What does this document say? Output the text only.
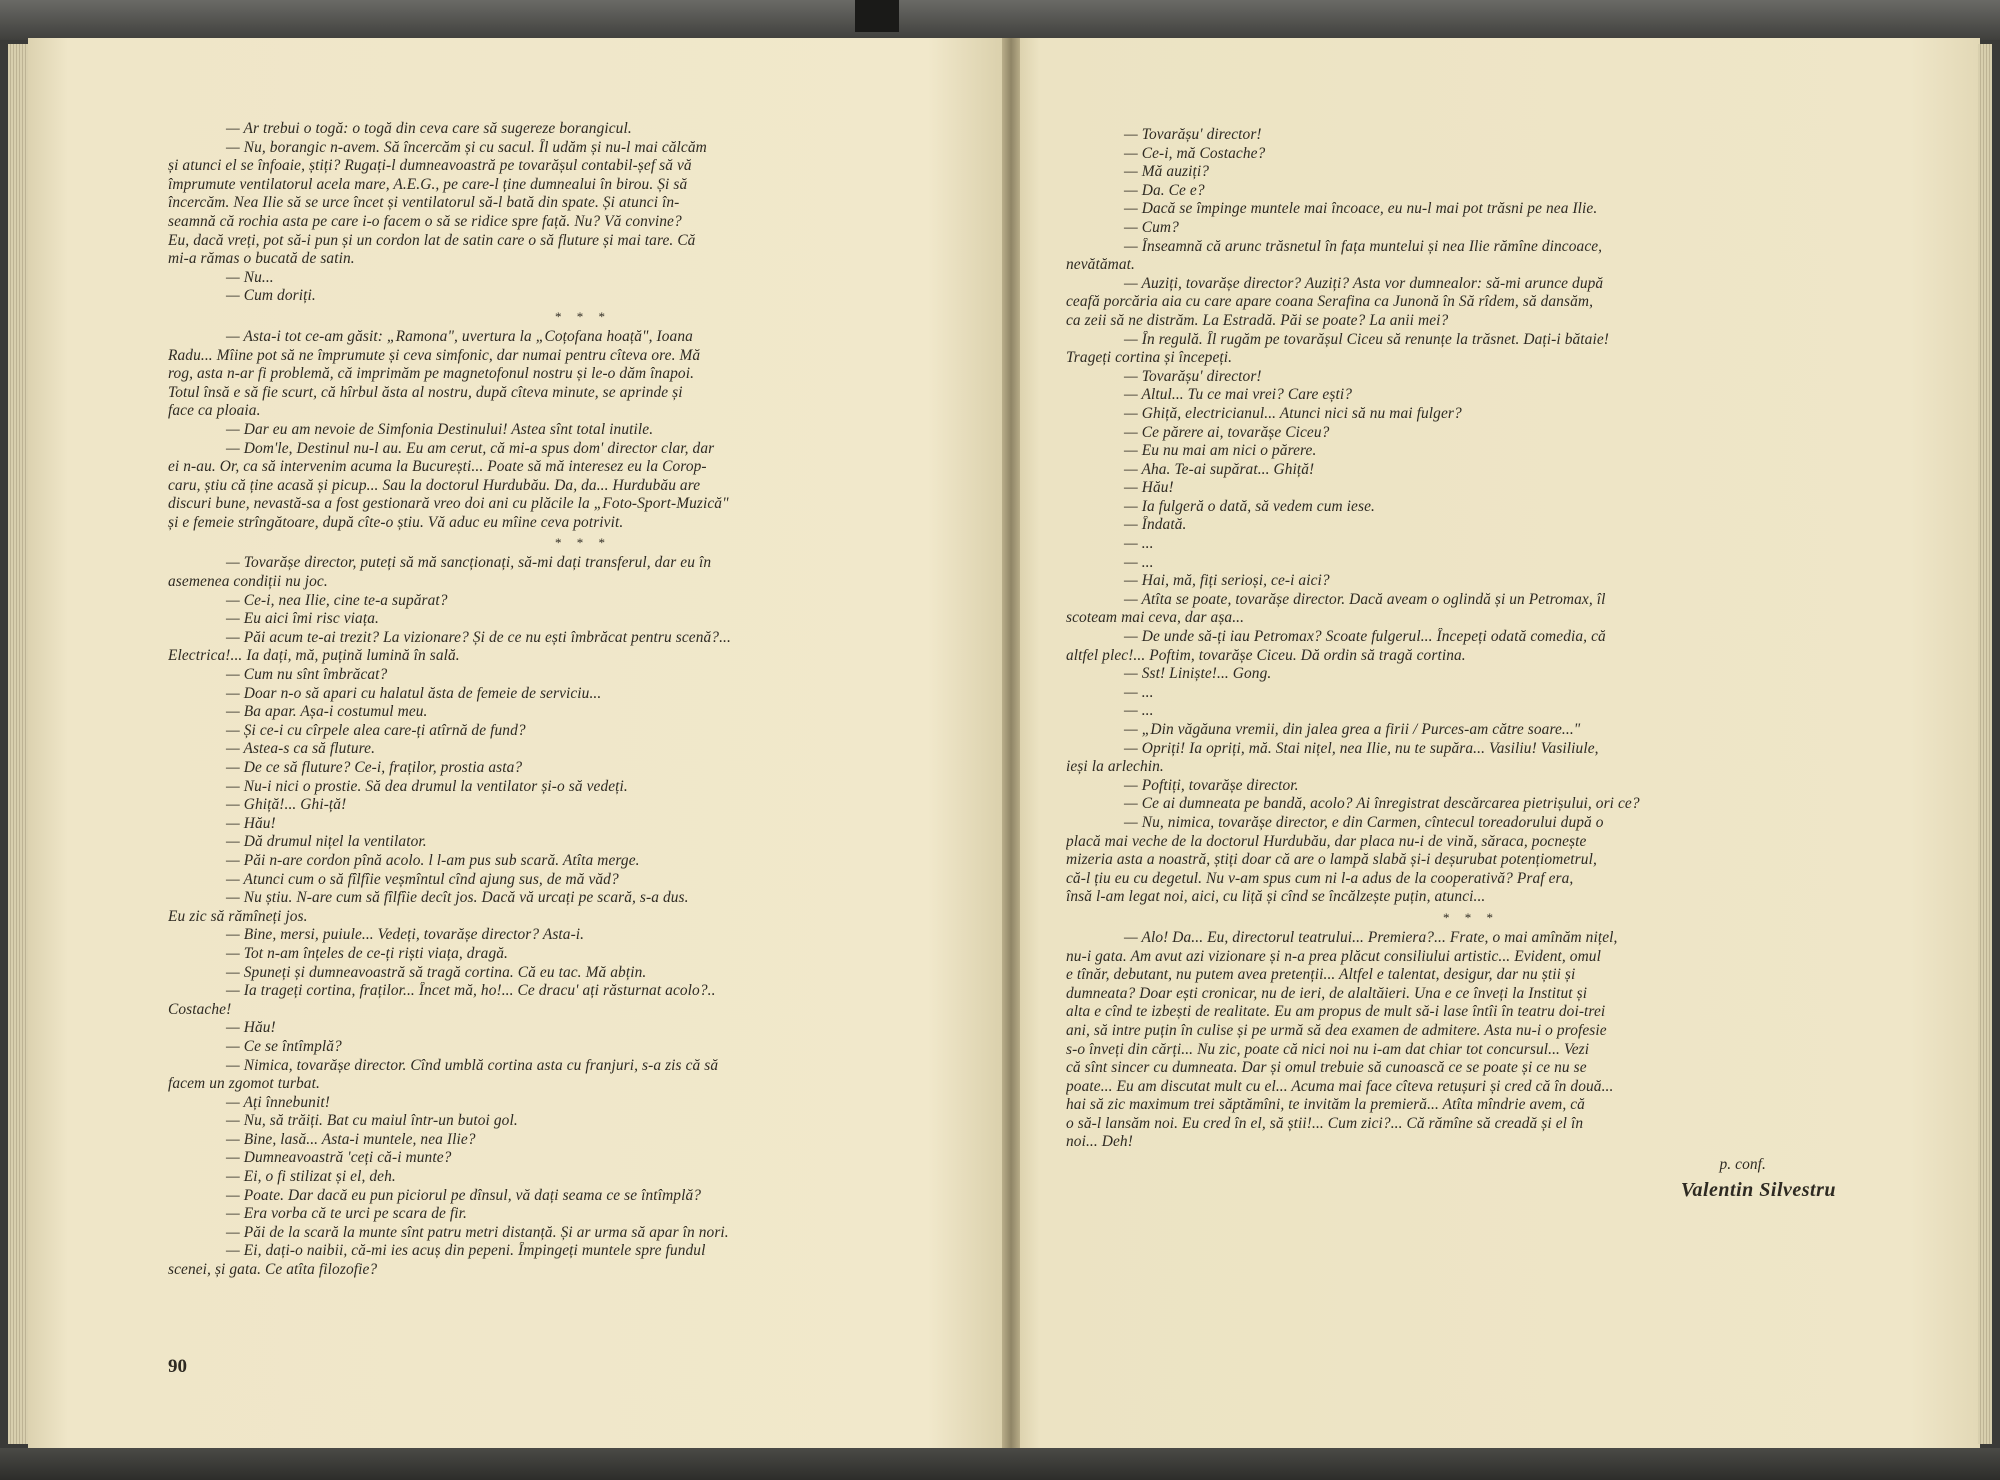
— Ar trebui o togă: o togă din ceva care să sugereze borangicul.
— Nu, borangic n-avem. Să încercăm și cu sacul. Îl udăm și nu-l mai călcăm
și atunci el se înfoaie, știți? Rugați-l dumneavoastră pe tovarășul contabil-șef să vă
împrumute ventilatorul acela mare, A.E.G., pe care-l ține dumnealui în birou. Și să
încercăm. Nea Ilie să se urce încet și ventilatorul să-l bată din spate. Și atunci în-
seamnă că rochia asta pe care i-o facem o să se ridice spre față. Nu? Vă convine?
Eu, dacă vreți, pot să-i pun și un cordon lat de satin care o să fluture și mai tare. Că
mi-a rămas o bucată de satin.
— Nu...
— Cum doriți.
* * *
— Asta-i tot ce-am găsit: „Ramona", uvertura la „Coțofana hoață", Ioana
Radu... Mîine pot să ne împrumute și ceva simfonic, dar numai pentru cîteva ore. Mă
rog, asta n-ar fi problemă, că imprimăm pe magnetofonul nostru și le-o dăm înapoi.
Totul însă e să fie scurt, că hîrbul ăsta al nostru, după cîteva minute, se aprinde și
face ca ploaia.
— Dar eu am nevoie de Simfonia Destinului! Astea sînt total inutile.
— Dom'le, Destinul nu-l au. Eu am cerut, că mi-a spus dom' director clar, dar
ei n-au. Or, ca să intervenim acuma la București... Poate să mă interesez eu la Corop-
caru, știu că ține acasă și picup... Sau la doctorul Hurdubău. Da, da... Hurdubău are
discuri bune, nevastă-sa a fost gestionară vreo doi ani cu plăcile la „Foto-Sport-Muzică"
și e femeie strîngătoare, după cîte-o știu. Vă aduc eu mîine ceva potrivit.
* * *
— Tovarășe director, puteți să mă sancționați, să-mi dați transferul, dar eu în
asemenea condiții nu joc.
— Ce-i, nea Ilie, cine te-a supărat?
— Eu aici îmi risc viața.
— Păi acum te-ai trezit? La vizionare? Și de ce nu ești îmbrăcat pentru scenă?...
Electrica!... Ia dați, mă, puțină lumină în sală.
— Cum nu sînt îmbrăcat?
— Doar n-o să apari cu halatul ăsta de femeie de serviciu...
— Ba apar. Așa-i costumul meu.
— Și ce-i cu cîrpele alea care-ți atîrnă de fund?
— Astea-s ca să fluture.
— De ce să fluture? Ce-i, fraților, prostia asta?
— Nu-i nici o prostie. Să dea drumul la ventilator și-o să vedeți.
— Ghiță!... Ghi-ță!
— Hău!
— Dă drumul nițel la ventilator.
— Păi n-are cordon pînă acolo. l l-am pus sub scară. Atîta merge.
— Atunci cum o să fîlfîie veșmîntul cînd ajung sus, de mă văd?
— Nu știu. N-are cum să fîlfîie decît jos. Dacă vă urcați pe scară, s-a dus.
Eu zic să rămîneți jos.
— Bine, mersi, puiule... Vedeți, tovarășe director? Asta-i.
— Tot n-am înțeles de ce-ți riști viața, dragă.
— Spuneți și dumneavoastră să tragă cortina. Că eu tac. Mă abțin.
— Ia trageți cortina, fraților... Încet mă, ho!... Ce dracu' ați răsturnat acolo?..
Costache!
— Hău!
— Ce se întîmplă?
— Nimica, tovarășe director. Cînd umblă cortina asta cu franjuri, s-a zis că să
facem un zgomot turbat.
— Ați înnebunit!
— Nu, să trăiți. Bat cu maiul într-un butoi gol.
— Bine, lasă... Asta-i muntele, nea Ilie?
— Dumneavoastră 'ceți că-i munte?
— Ei, o fi stilizat și el, deh.
— Poate. Dar dacă eu pun piciorul pe dînsul, vă dați seama ce se întîmplă?
— Era vorba că te urci pe scara de fir.
— Păi de la scară la munte sînt patru metri distanță. Și ar urma să apar în nori.
— Ei, dați-o naibii, că-mi ies acuș din pepeni. Împingeți muntele spre fundul
scenei, și gata. Ce atîta filozofie?
90
— Tovarășu' director!
— Ce-i, mă Costache?
— Mă auziți?
— Da. Ce e?
— Dacă se împinge muntele mai încoace, eu nu-l mai pot trăsni pe nea Ilie.
— Cum?
— Înseamnă că arunc trăsnetul în fața muntelui și nea Ilie rămîne dincoace,
nevătămat.
— Auziți, tovarășe director? Auziți? Asta vor dumnealor: să-mi arunce după
ceafă porcăria aia cu care apare coana Serafina ca Junonă în Să rîdem, să dansăm,
ca zeii să ne distrăm. La Estradă. Păi se poate? La anii mei?
— În regulă. Îl rugăm pe tovarășul Ciceu să renunțe la trăsnet. Dați-i bătaie!
Trageți cortina și începeți.
— Tovarășu' director!
— Altul... Tu ce mai vrei? Care ești?
— Ghiță, electricianul... Atunci nici să nu mai fulger?
— Ce părere ai, tovarășe Ciceu?
— Eu nu mai am nici o părere.
— Aha. Te-ai supărat... Ghiță!
— Hău!
— Ia fulgeră o dată, să vedem cum iese.
— Îndată.
— ...
— ...
— Hai, mă, fiți serioși, ce-i aici?
— Atîta se poate, tovarășe director. Dacă aveam o oglindă și un Petromax, îl
scoteam mai ceva, dar așa...
— De unde să-ți iau Petromax? Scoate fulgerul... Începeți odată comedia, că
altfel plec!... Poftim, tovarășe Ciceu. Dă ordin să tragă cortina.
— Sst! Liniște!... Gong.
— ...
— ...
— „Din văgăuna vremii, din jalea grea a firii / Purces-am către soare..."
— Opriți! Ia opriți, mă. Stai nițel, nea Ilie, nu te supăra... Vasiliu! Vasiliule,
ieși la arlechin.
— Poftiți, tovarășe director.
— Ce ai dumneata pe bandă, acolo? Ai înregistrat descărcarea pietrișului, ori ce?
— Nu, nimica, tovarășe director, e din Carmen, cîntecul toreadorului după o
placă mai veche de la doctorul Hurdubău, dar placa nu-i de vină, săraca, pocnește
mizeria asta a noastră, știți doar că are o lampă slabă și-i deșurubat potențiometrul,
că-l țiu eu cu degetul. Nu v-am spus cum ni l-a adus de la cooperativă? Praf era,
însă l-am legat noi, aici, cu liță și cînd se încălzește puțin, atunci...
* * *
— Alo! Da... Eu, directorul teatrului... Premiera?... Frate, o mai amînăm nițel,
nu-i gata. Am avut azi vizionare și n-a prea plăcut consiliului artistic... Evident, omul
e tînăr, debutant, nu putem avea pretenții... Altfel e talentat, desigur, dar nu știi și
dumneata? Doar ești cronicar, nu de ieri, de alaltăieri. Una e ce înveți la Institut și
alta e cînd te izbești de realitate. Eu am propus de mult să-i lase întîi în teatru doi-trei
ani, să intre puțin în culise și pe urmă să dea examen de admitere. Asta nu-i o profesie
s-o înveți din cărți... Nu zic, poate că nici noi nu i-am dat chiar tot concursul... Vezi
că sînt sincer cu dumneata. Dar și omul trebuie să cunoască ce se poate și ce nu se
poate... Eu am discutat mult cu el... Acuma mai face cîteva retușuri și cred că în două...
hai să zic maximum trei săptămîni, te invităm la premieră... Atîta mîndrie avem, că
o să-l lansăm noi. Eu cred în el, să știi!... Cum zici?... Că rămîne să creadă și el în
noi... Deh!
p. conf.
Valentin Silvestru
